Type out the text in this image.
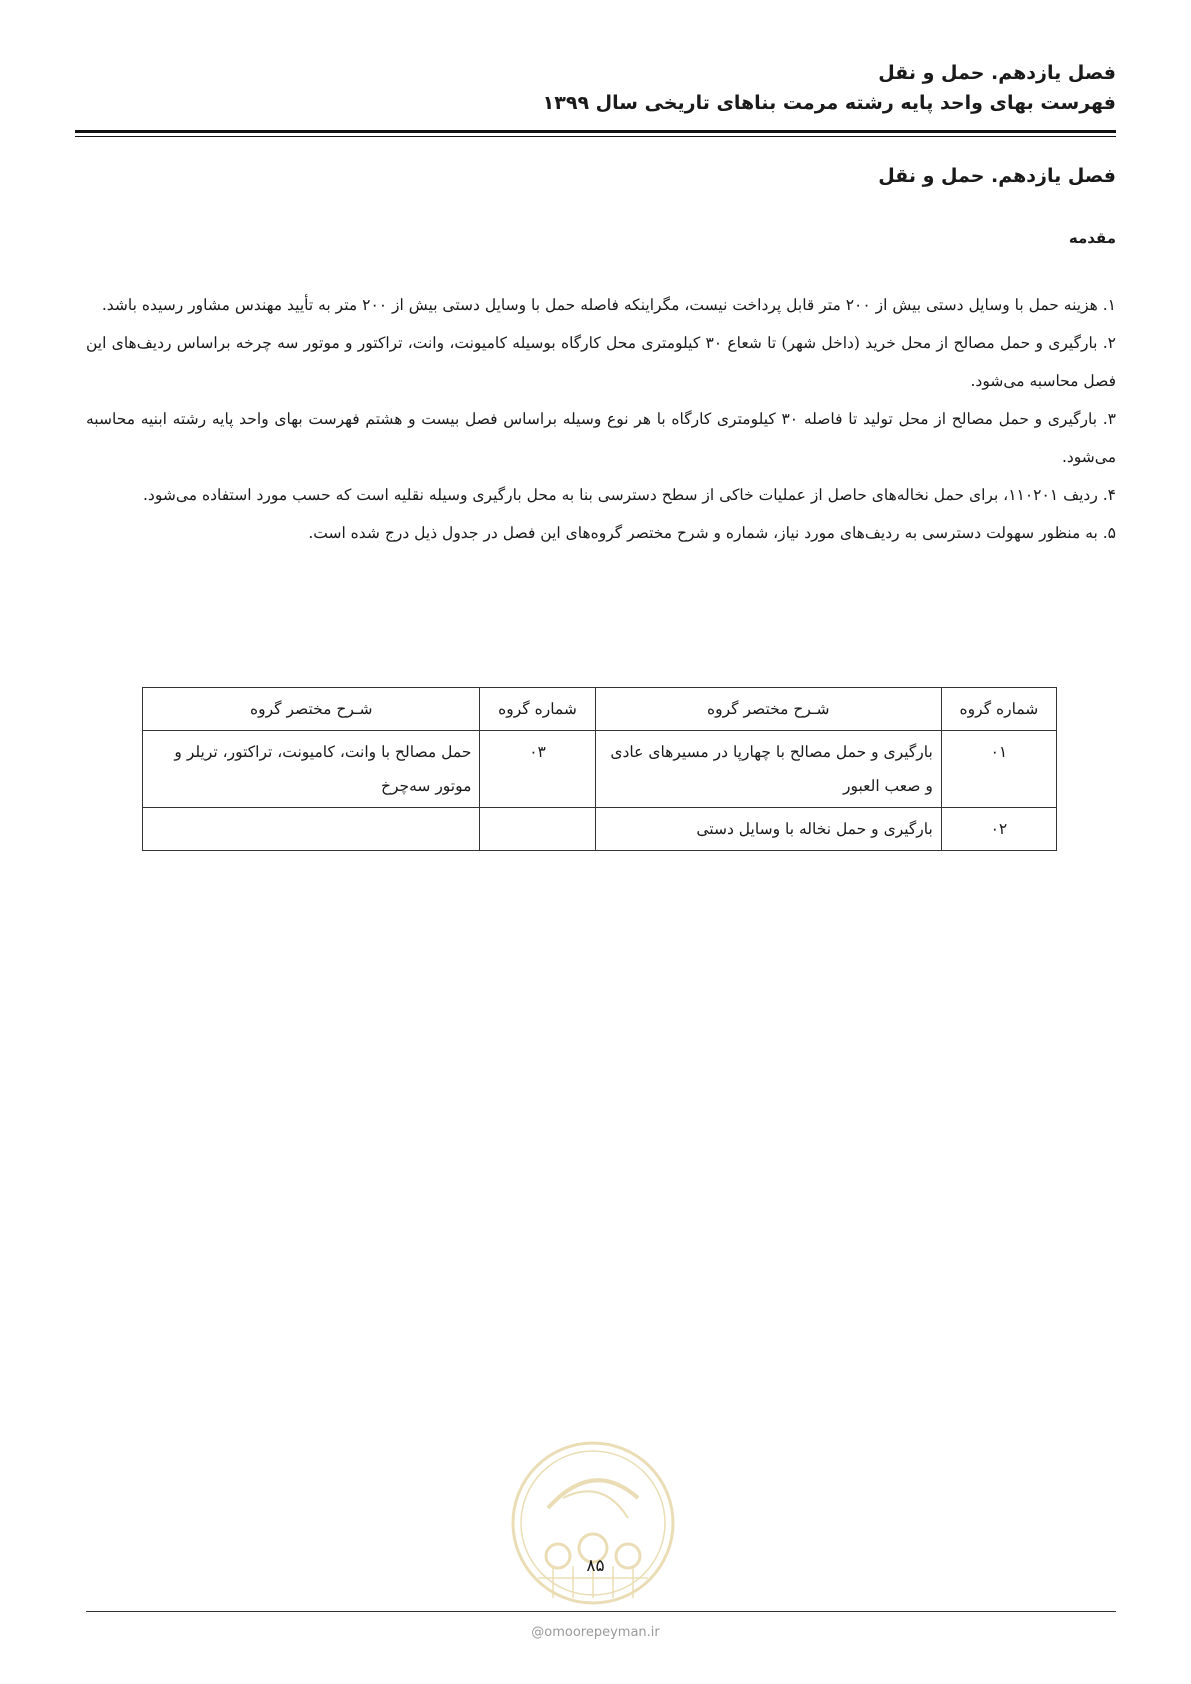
فصل یازدهم. حمل و نقل
فهرست بهای واحد پایه رشته مرمت بناهای تاریخی سال ۱۳۹۹
فصل یازدهم. حمل و نقل
مقدمه

۱. هزینه حمل با وسایل دستی بیش از ۲۰۰ متر قابل پرداخت نیست، مگراینکه فاصله حمل با وسایل دستی بیش از ۲۰۰ متر به تأیید مهندس مشاور رسیده باشد.

۲. بارگیری و حمل مصالح از محل خرید (داخل شهر) تا شعاع ۳۰ کیلومتری محل کارگاه بوسیله کامیونت، وانت، تراکتور و موتور سه چرخه براساس ردیف‌های این فصل محاسبه می‌شود.

۳. بارگیری و حمل مصالح از محل تولید تا فاصله ۳۰ کیلومتری کارگاه با هر نوع وسیله براساس فصل بیست و هشتم فهرست بهای واحد پایه رشته ابنیه محاسبه می‌شود.

۴. ردیف ۱۱۰۲۰۱، برای حمل نخاله‌های حاصل از عملیات خاکی از سطح دسترسی بنا به محل بارگیری وسیله نقلیه است که حسب مورد استفاده می‌شود.

۵. به منظور سهولت دسترسی به ردیف‌های مورد نیاز، شماره و شرح مختصر گروه‌های این فصل در جدول ذیل درج شده است.

شماره گروه	شـرح مختصر گروه	شماره گروه	شـرح مختصر گروه
۰۱	بارگیری و حمل مصالح با چهارپا در مسیرهای عادی و صعب العبور	۰۳	حمل مصالح با وانت، کامیونت، تراکتور، تریلر و موتور سه‌چرخ
۰۲	بارگیری و حمل نخاله با وسایل دستی		
۸۵
@omoorepeyman.ir
